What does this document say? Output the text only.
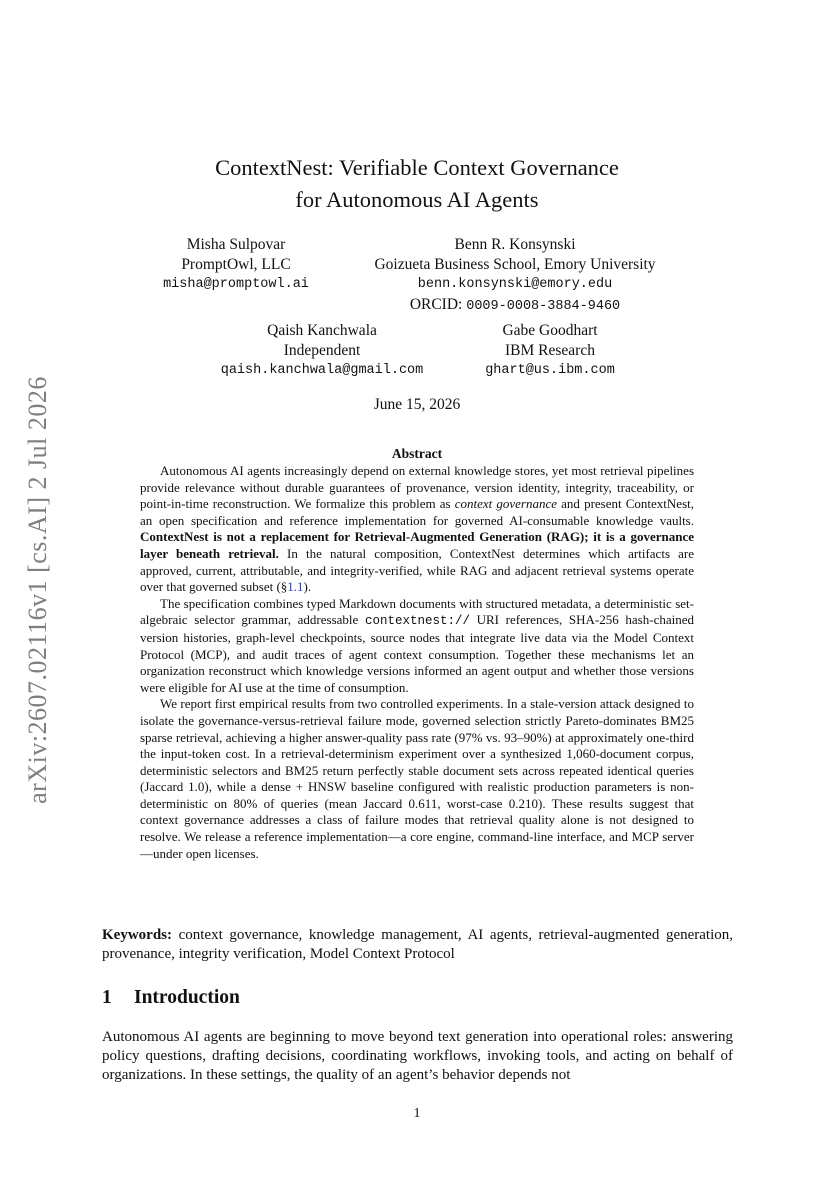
arXiv:2607.02116v1 [cs.AI] 2 Jul 2026
ContextNest: Verifiable Context Governance
for Autonomous AI Agents
Misha Sulpovar
PromptOwl, LLC
misha@promptowl.ai
Benn R. Konsynski
Goizueta Business School, Emory University
benn.konsynski@emory.edu
ORCID: 0009-0008-3884-9460
Qaish Kanchwala
Independent
qaish.kanchwala@gmail.com
Gabe Goodhart
IBM Research
ghart@us.ibm.com
June 15, 2026
Abstract

Autonomous AI agents increasingly depend on external knowledge stores, yet most retrieval pipelines provide relevance without durable guarantees of provenance, version identity, integrity, traceability, or point-in-time reconstruction. We formalize this problem as context governance and present ContextNest, an open specification and reference implementation for governed AI-consumable knowledge vaults. ContextNest is not a replacement for Retrieval-Augmented Generation (RAG); it is a governance layer beneath retrieval. In the natural composition, ContextNest determines which artifacts are approved, current, attributable, and integrity-verified, while RAG and adjacent retrieval systems operate over that governed subset (§1.1).

The specification combines typed Markdown documents with structured metadata, a deterministic set-algebraic selector grammar, addressable contextnest:// URI references, SHA-256 hash-chained version histories, graph-level checkpoints, source nodes that integrate live data via the Model Context Protocol (MCP), and audit traces of agent context consumption. Together these mechanisms let an organization reconstruct which knowledge versions informed an agent output and whether those versions were eligible for AI use at the time of consumption.

We report first empirical results from two controlled experiments. In a stale-version attack designed to isolate the governance-versus-retrieval failure mode, governed selection strictly Pareto-dominates BM25 sparse retrieval, achieving a higher answer-quality pass rate (97% vs. 93–90%) at approximately one-third the input-token cost. In a retrieval-determinism experiment over a synthesized 1,060-document corpus, deterministic selectors and BM25 return perfectly stable document sets across repeated identical queries (Jaccard 1.0), while a dense + HNSW baseline configured with realistic production parameters is non-deterministic on 80% of queries (mean Jaccard 0.611, worst-case 0.210). These results suggest that context governance addresses a class of failure modes that retrieval quality alone is not designed to resolve. We release a reference implementation—a core engine, command-line interface, and MCP server—under open licenses.

Keywords: context governance, knowledge management, AI agents, retrieval-augmented generation, provenance, integrity verification, Model Context Protocol
1 Introduction

Autonomous AI agents are beginning to move beyond text generation into operational roles: answering policy questions, drafting decisions, coordinating workflows, invoking tools, and acting on behalf of organizations. In these settings, the quality of an agent’s behavior depends not

1
